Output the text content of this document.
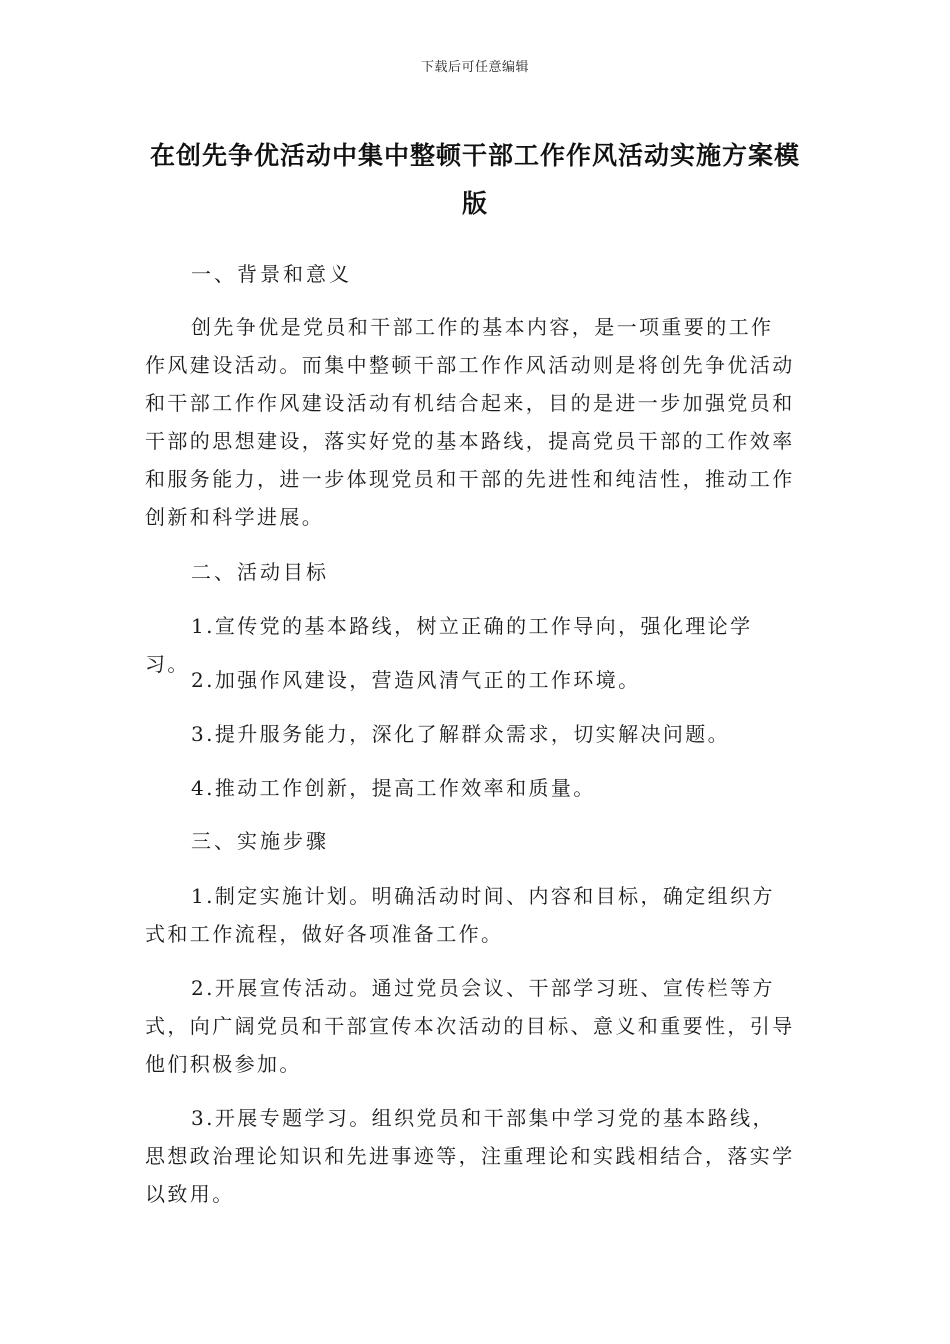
下载后可任意编辑
在创先争优活动中集中整顿干部工作作风活动实施方案模版

一、背景和意义

创先争优是党员和干部工作的基本内容，是一项重要的工作作风建设活动。而集中整顿干部工作作风活动则是将创先争优活动和干部工作作风建设活动有机结合起来，目的是进一步加强党员和干部的思想建设，落实好党的基本路线，提高党员干部的工作效率和服务能力，进一步体现党员和干部的先进性和纯洁性，推动工作创新和科学进展。

二、活动目标

1.宣传党的基本路线，树立正确的工作导向，强化理论学习。

2.加强作风建设，营造风清气正的工作环境。

3.提升服务能力，深化了解群众需求，切实解决问题。

4.推动工作创新，提高工作效率和质量。

三、实施步骤

1.制定实施计划。明确活动时间、内容和目标，确定组织方式和工作流程，做好各项准备工作。

2.开展宣传活动。通过党员会议、干部学习班、宣传栏等方式，向广阔党员和干部宣传本次活动的目标、意义和重要性，引导他们积极参加。

3.开展专题学习。组织党员和干部集中学习党的基本路线，思想政治理论知识和先进事迹等，注重理论和实践相结合，落实学以致用。
